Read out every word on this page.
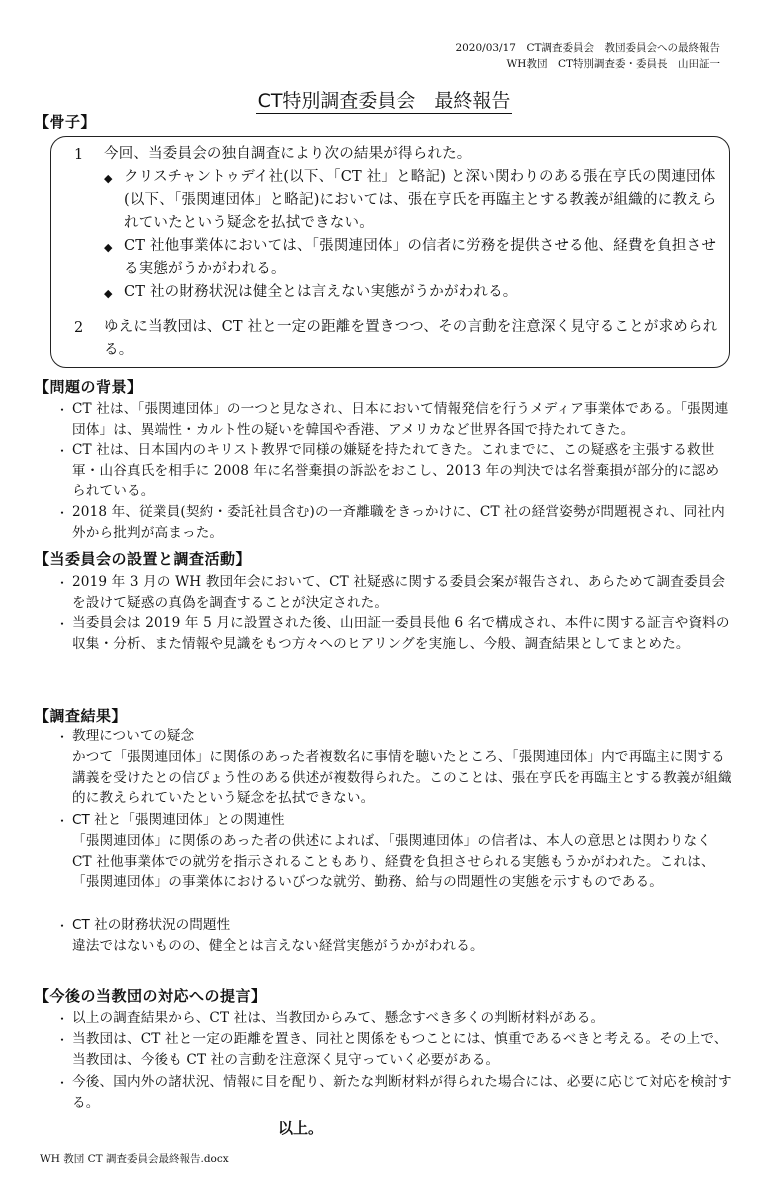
2020/03/17　CT調査委員会　教団委員会への最終報告
WH教団　CT特別調査委・委員長　山田証一
CT特別調査委員会　最終報告
【骨子】
1 今回、当委員会の独自調査により次の結果が得られた。
◆ クリスチャントゥデイ社(以下、「CT 社」と略記) と深い関わりのある張在亨氏の関連団体(以下、「張関連団体」と略記)においては、張在亨氏を再臨主とする教義が組織的に教えられていたという疑念を払拭できない。
◆ CT 社他事業体においては、「張関連団体」の信者に労務を提供させる他、経費を負担させる実態がうかがわれる。
◆ CT 社の財務状況は健全とは言えない実態がうかがわれる。
2 ゆえに当教団は、CT 社と一定の距離を置きつつ、その言動を注意深く見守ることが求められる。
【問題の背景】
・ CT 社は、「張関連団体」の一つと見なされ、日本において情報発信を行うメディア事業体である。「張関連団体」は、異端性・カルト性の疑いを韓国や香港、アメリカなど世界各国で持たれてきた。
・ CT 社は、日本国内のキリスト教界で同様の嫌疑を持たれてきた。これまでに、この疑惑を主張する救世軍・山谷真氏を相手に 2008 年に名誉棄損の訴訟をおこし、2013 年の判決では名誉棄損が部分的に認められている。
・ 2018 年、従業員(契約・委託社員含む)の一斉離職をきっかけに、CT 社の経営姿勢が問題視され、同社内外から批判が高まった。
【当委員会の設置と調査活動】
・ 2019 年 3 月の WH 教団年会において、CT 社疑惑に関する委員会案が報告され、あらためて調査委員会を設けて疑惑の真偽を調査することが決定された。
・ 当委員会は 2019 年 5 月に設置された後、山田証一委員長他 6 名で構成され、本件に関する証言や資料の収集・分析、また情報や見識をもつ方々へのヒアリングを実施し、今般、調査結果としてまとめた。
【調査結果】
・ 教理についての疑念
かつて「張関連団体」に関係のあった者複数名に事情を聴いたところ、「張関連団体」内で再臨主に関する講義を受けたとの信ぴょう性のある供述が複数得られた。このことは、張在亨氏を再臨主とする教義が組織的に教えられていたという疑念を払拭できない。
・ CT 社と「張関連団体」との関連性
「張関連団体」に関係のあった者の供述によれば、「張関連団体」の信者は、本人の意思とは関わりなく CT 社他事業体での就労を指示されることもあり、経費を負担させられる実態もうかがわれた。これは、「張関連団体」の事業体におけるいびつな就労、勤務、給与の問題性の実態を示すものである。
・ CT 社の財務状況の問題性
違法ではないものの、健全とは言えない経営実態がうかがわれる。
【今後の当教団の対応への提言】
・ 以上の調査結果から、CT 社は、当教団からみて、懸念すべき多くの判断材料がある。
・ 当教団は、CT 社と一定の距離を置き、同社と関係をもつことには、慎重であるべきと考える。その上で、当教団は、今後も CT 社の言動を注意深く見守っていく必要がある。
・ 今後、国内外の諸状況、情報に目を配り、新たな判断材料が得られた場合には、必要に応じて対応を検討する。
以上。
WH 教団 CT 調査委員会最終報告.docx
